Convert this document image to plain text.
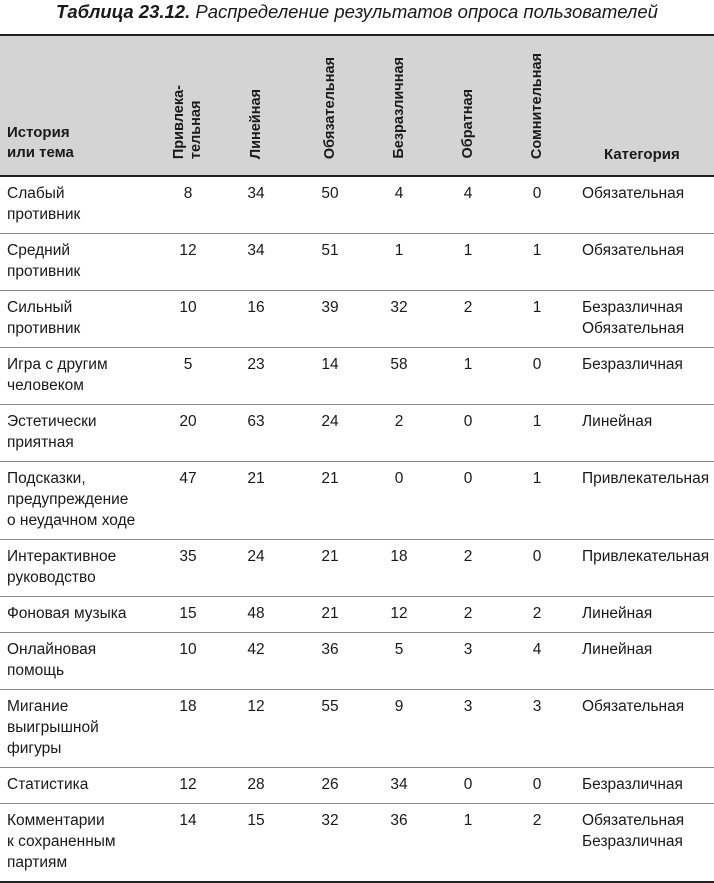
Таблица 23.12. Распределение результатов опроса пользователей
История
или тема	Привлека- тельная	Линейная	Обязательная	Безразличная	Обратная	Сомнительная	Категория

Слабый
противник	8	34	50	4	4	0	Обязательная

Средний
противник	12	34	51	1	1	1	Обязательная

Сильный
противник	10	16	39	32	2	1	Безразличная
Обязательная

Игра с другим
человеком	5	23	14	58	1	0	Безразличная

Эстетически
приятная	20	63	24	2	0	1	Линейная

Подсказки,
предупреждение
о неудачном ходе	47	21	21	0	0	1	Привлекательная

Интерактивное
руководство	35	24	21	18	2	0	Привлекательная

Фоновая музыка	15	48	21	12	2	2	Линейная

Онлайновая
помощь	10	42	36	5	3	4	Линейная

Мигание
выигрышной
фигуры	18	12	55	9	3	3	Обязательная

Статистика	12	28	26	34	0	0	Безразличная

Комментарии
к сохраненным
партиям	14	15	32	36	1	2	Обязательная
Безразличная
